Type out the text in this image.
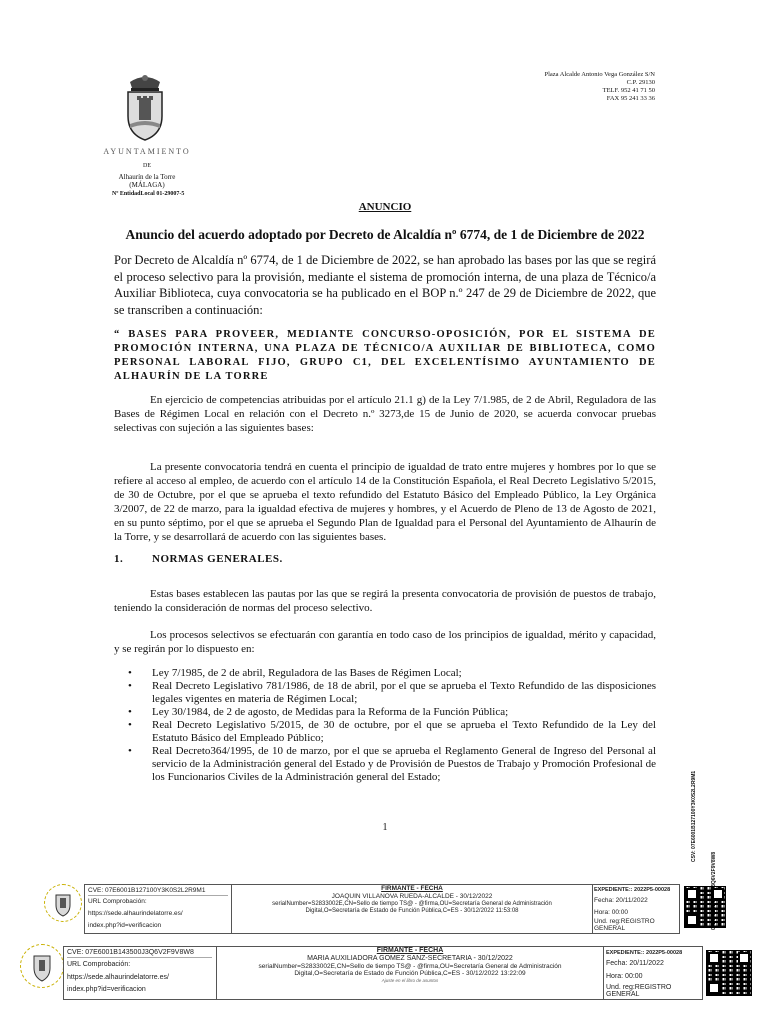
AYUNTAMIENTO
DE
Alhaurín de la Torre
(MÁLAGA)
Nº EntidadLocal 01-29007-5
Plaza Alcalde Antonio Vega González S/N
C.P. 29130
TELF. 952 41 71 50
FAX 95 241 33 36
ANUNCIO
Anuncio del acuerdo adoptado por Decreto de Alcaldía nº 6774, de 1 de Diciembre de 2022
Por Decreto de Alcaldía nº 6774, de 1 de Diciembre de 2022, se han aprobado las bases por las que se regirá el proceso selectivo para la provisión, mediante el sistema de promoción interna, de una plaza de Técnico/a Auxiliar Biblioteca, cuya convocatoria se ha publicado en el BOP n.º 247 de 29 de Diciembre de 2022, que se transcriben a continuación:
“ BASES PARA PROVEER, MEDIANTE CONCURSO-OPOSICIÓN, POR EL SISTEMA DE PROMOCIÓN INTERNA, UNA PLAZA DE TÉCNICO/A AUXILIAR DE BIBLIOTECA, COMO PERSONAL LABORAL FIJO, GRUPO C1, DEL EXCELENTÍSIMO AYUNTAMIENTO DE ALHAURÍN DE LA TORRE
En ejercicio de competencias atribuidas por el artículo 21.1 g) de la Ley 7/1.985, de 2 de Abril, Reguladora de las Bases de Régimen Local en relación con el Decreto n.º 3273,de 15 de Junio de 2020, se acuerda convocar pruebas selectivas con sujeción a las siguientes bases:
La presente convocatoria tendrá en cuenta el principio de igualdad de trato entre mujeres y hombres por lo que se refiere al acceso al empleo, de acuerdo con el artículo 14 de la Constitución Española, el Real Decreto Legislativo 5/2015, de 30 de Octubre, por el que se aprueba el texto refundido del Estatuto Básico del Empleado Público, la Ley Orgánica 3/2007, de 22 de marzo, para la igualdad efectiva de mujeres y hombres, y el Acuerdo de Pleno de 13 de Agosto de 2021, en su punto séptimo, por el que se aprueba el Segundo Plan de Igualdad para el Personal del Ayuntamiento de Alhaurín de la Torre, y se desarrollará de acuerdo con las siguientes bases.
1.	NORMAS GENERALES.
Estas bases establecen las pautas por las que se regirá la presenta convocatoria de provisión de puestos de trabajo, teniendo la consideración de normas del proceso selectivo.
Los procesos selectivos se efectuarán con garantía en todo caso de los principios de igualdad, mérito y capacidad, y se regirán por lo dispuesto en:
• Ley 7/1985, de 2 de abril, Reguladora de las Bases de Régimen Local;
• Real Decreto Legislativo 781/1986, de 18 de abril, por el que se aprueba el Texto Refundido de las disposiciones legales vigentes en materia de Régimen Local;
• Ley 30/1984, de 2 de agosto, de Medidas para la Reforma de la Función Pública;
• Real Decreto Legislativo 5/2015, de 30 de octubre, por el que se aprueba el Texto Refundido de la Ley del Estatuto Básico del Empleado Público;
• Real Decreto364/1995, de 10 de marzo, por el que se aprueba el Reglamento General de Ingreso del Personal al servicio de la Administración general del Estado y de Provisión de Puestos de Trabajo y Promoción Profesional de los Funcionarios Civiles de la Administración general del Estado;
1	CSV: 07E6001B127100Y3K0S2L2R9M1
CVE: 07E6001B127100Y3K0S2L2R9M1
URL Comprobación:
https://sede.alhaurindelatorre.es/
index.php?id=verificacion
FIRMANTE - FECHA
JOAQUIN VILLANOVA RUEDA-ALCALDE - 30/12/2022
serialNumber=S2833002E,CN=Sello de tiempo TS@ - @firma,OU=Secretaría General de Administración
Digital,O=Secretaría de Estado de Función Pública,C=ES - 30/12/2022 11:53:08
EXPEDIENTE:: 2022P5-00028
Fecha: 20/11/2022
Hora: 00:00
Und. reg:REGISTRO GENERAL
CVE: 07E6001B143500J3Q6V2F9V8W8
URL Comprobación:
https://sede.alhaurindelatorre.es/
index.php?id=verificacion
FIRMANTE - FECHA
MARIA AUXILIADORA GOMEZ SANZ-SECRETARIA - 30/12/2022
serialNumber=S2833002E,CN=Sello de tiempo TS@ - @firma,OU=Secretaría General de Administración
Digital,O=Secretaría de Estado de Función Pública,C=ES - 30/12/2022 13:22:09
Ajuste en el libro de asuntos
EXPEDIENTE:: 2022P5-00028
Fecha: 20/11/2022
Hora: 00:00
Und. reg:REGISTRO GENERAL
